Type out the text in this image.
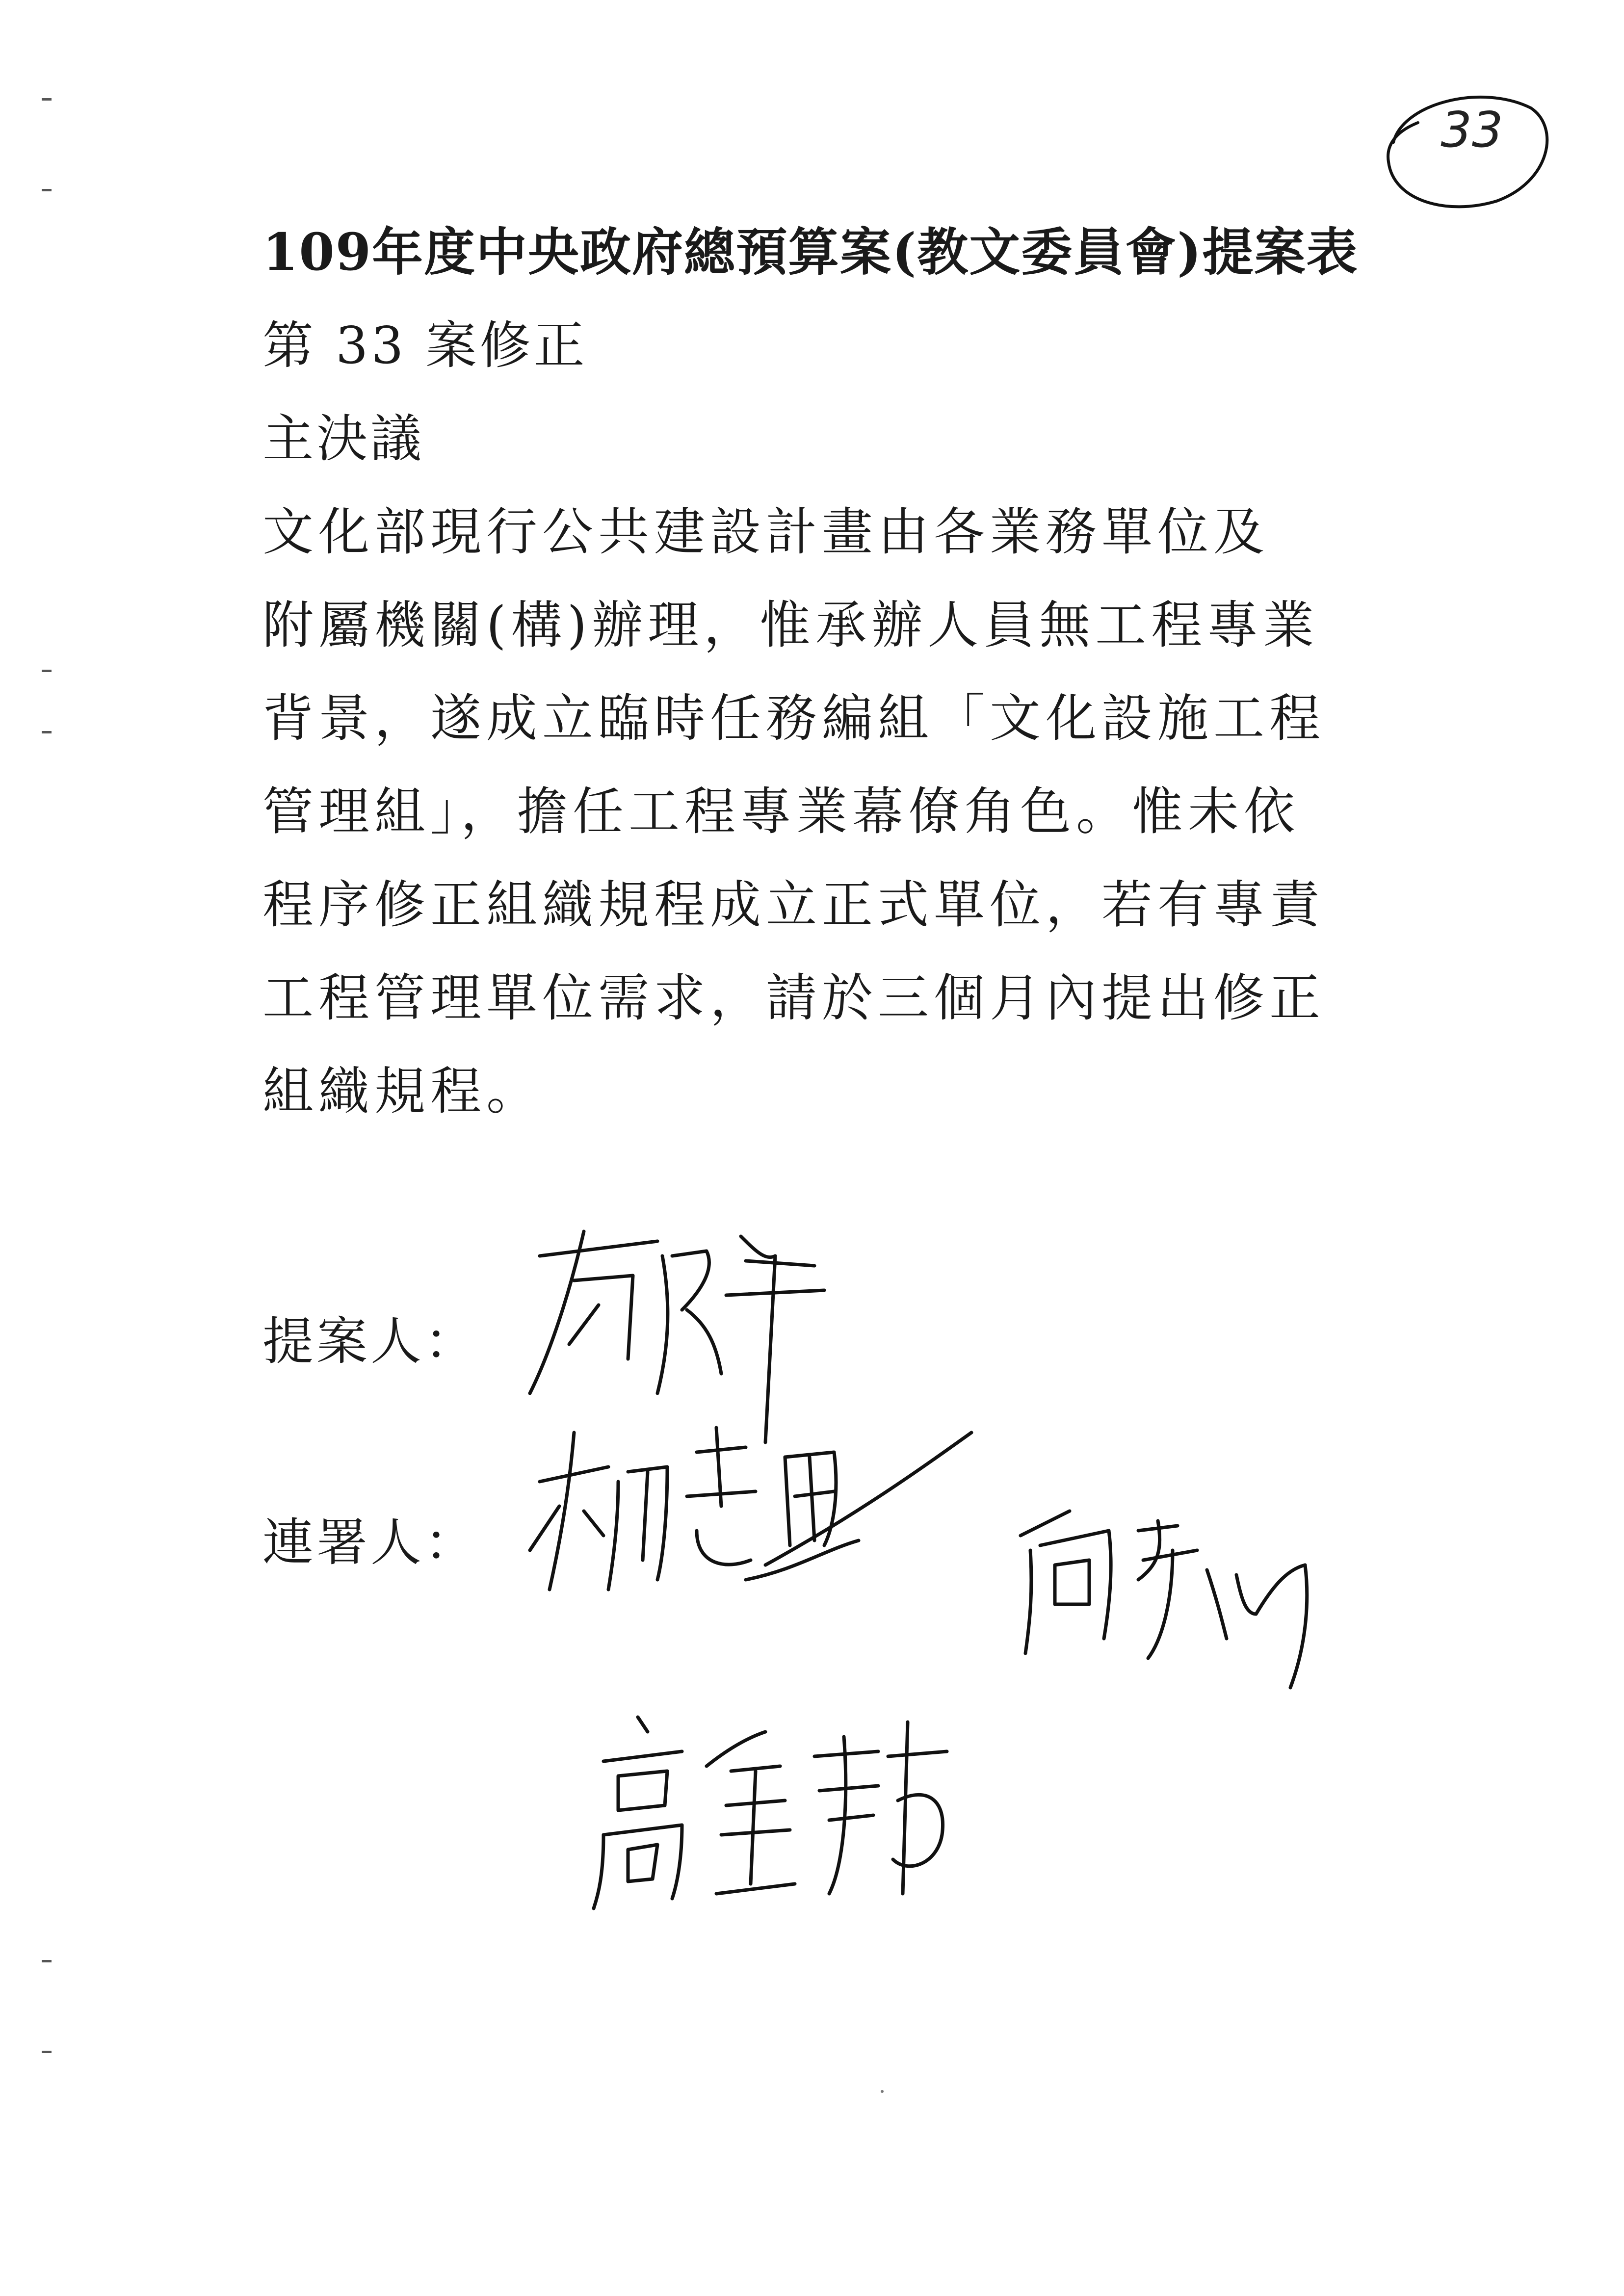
33
109年度中央政府總預算案(教文委員會)提案表
第 33 案修正
主決議
文化部現行公共建設計畫由各業務單位及
附屬機關(構)辦理，惟承辦人員無工程專業
背景，遂成立臨時任務編組「文化設施工程
管理組」，擔任工程專業幕僚角色。惟未依
程序修正組織規程成立正式單位，若有專責
工程管理單位需求，請於三個月內提出修正
組織規程。
提案人：
連署人：
